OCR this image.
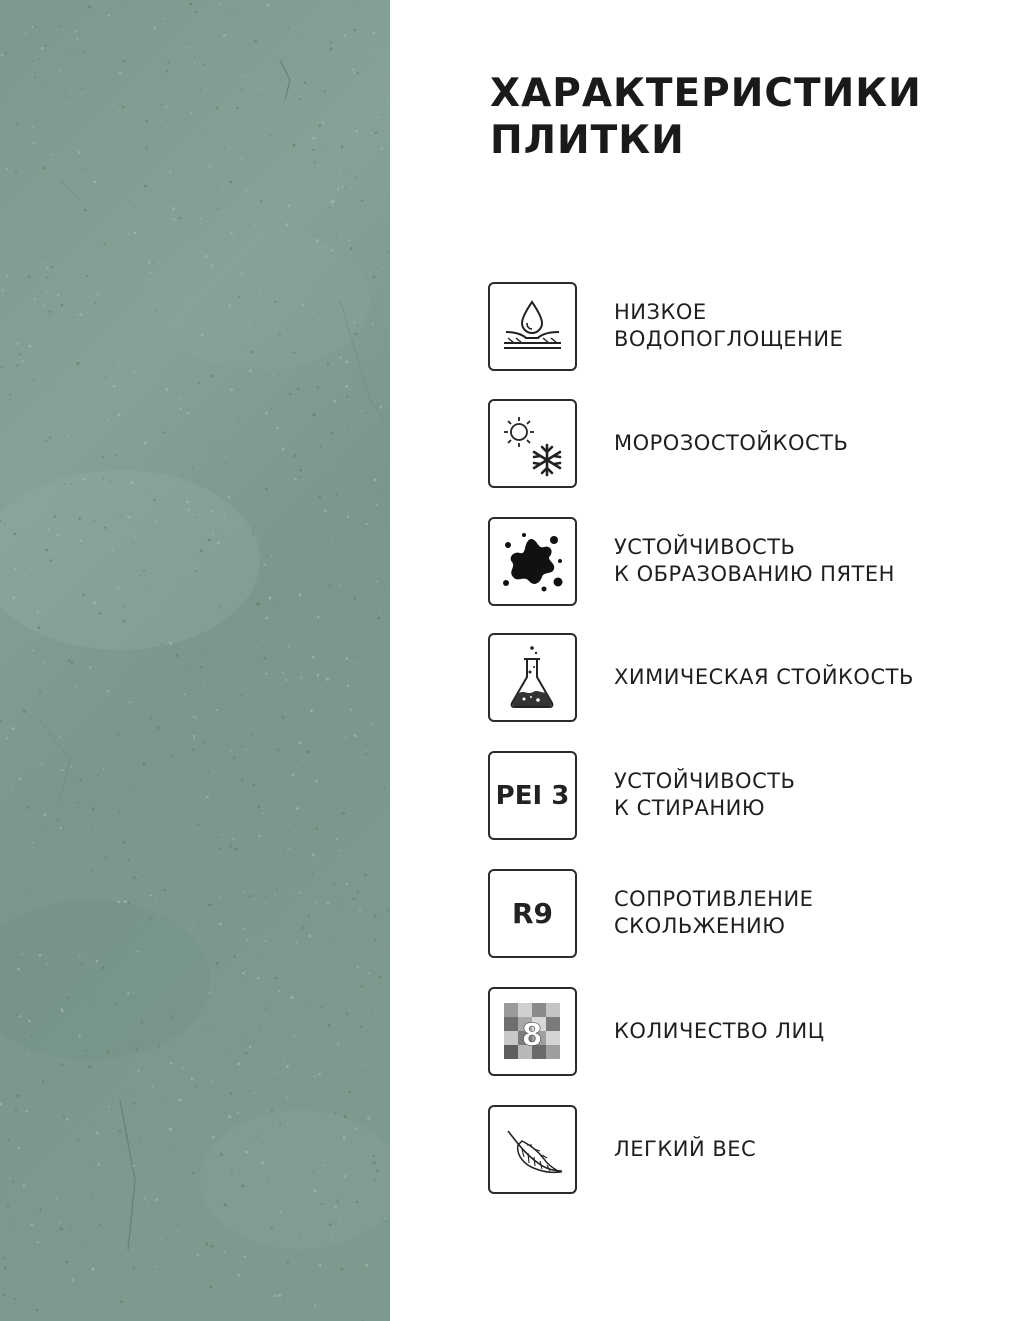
ХАРАКТЕРИСТИКИ
ПЛИТКИ
НИЗКОЕ
ВОДОПОГЛОЩЕНИЕ
МОРОЗОСТОЙКОСТЬ
УСТОЙЧИВОСТЬ
К ОБРАЗОВАНИЮ ПЯТЕН
ХИМИЧЕСКАЯ СТОЙКОСТЬ
PEI 3 УСТОЙЧИВОСТЬ
К СТИРАНИЮ
R9	СОПРОТИВЛЕНИЕ
СКОЛЬЖЕНИЮ
8	КОЛИЧЕСТВО ЛИЦ
ЛЕГКИЙ ВЕС
